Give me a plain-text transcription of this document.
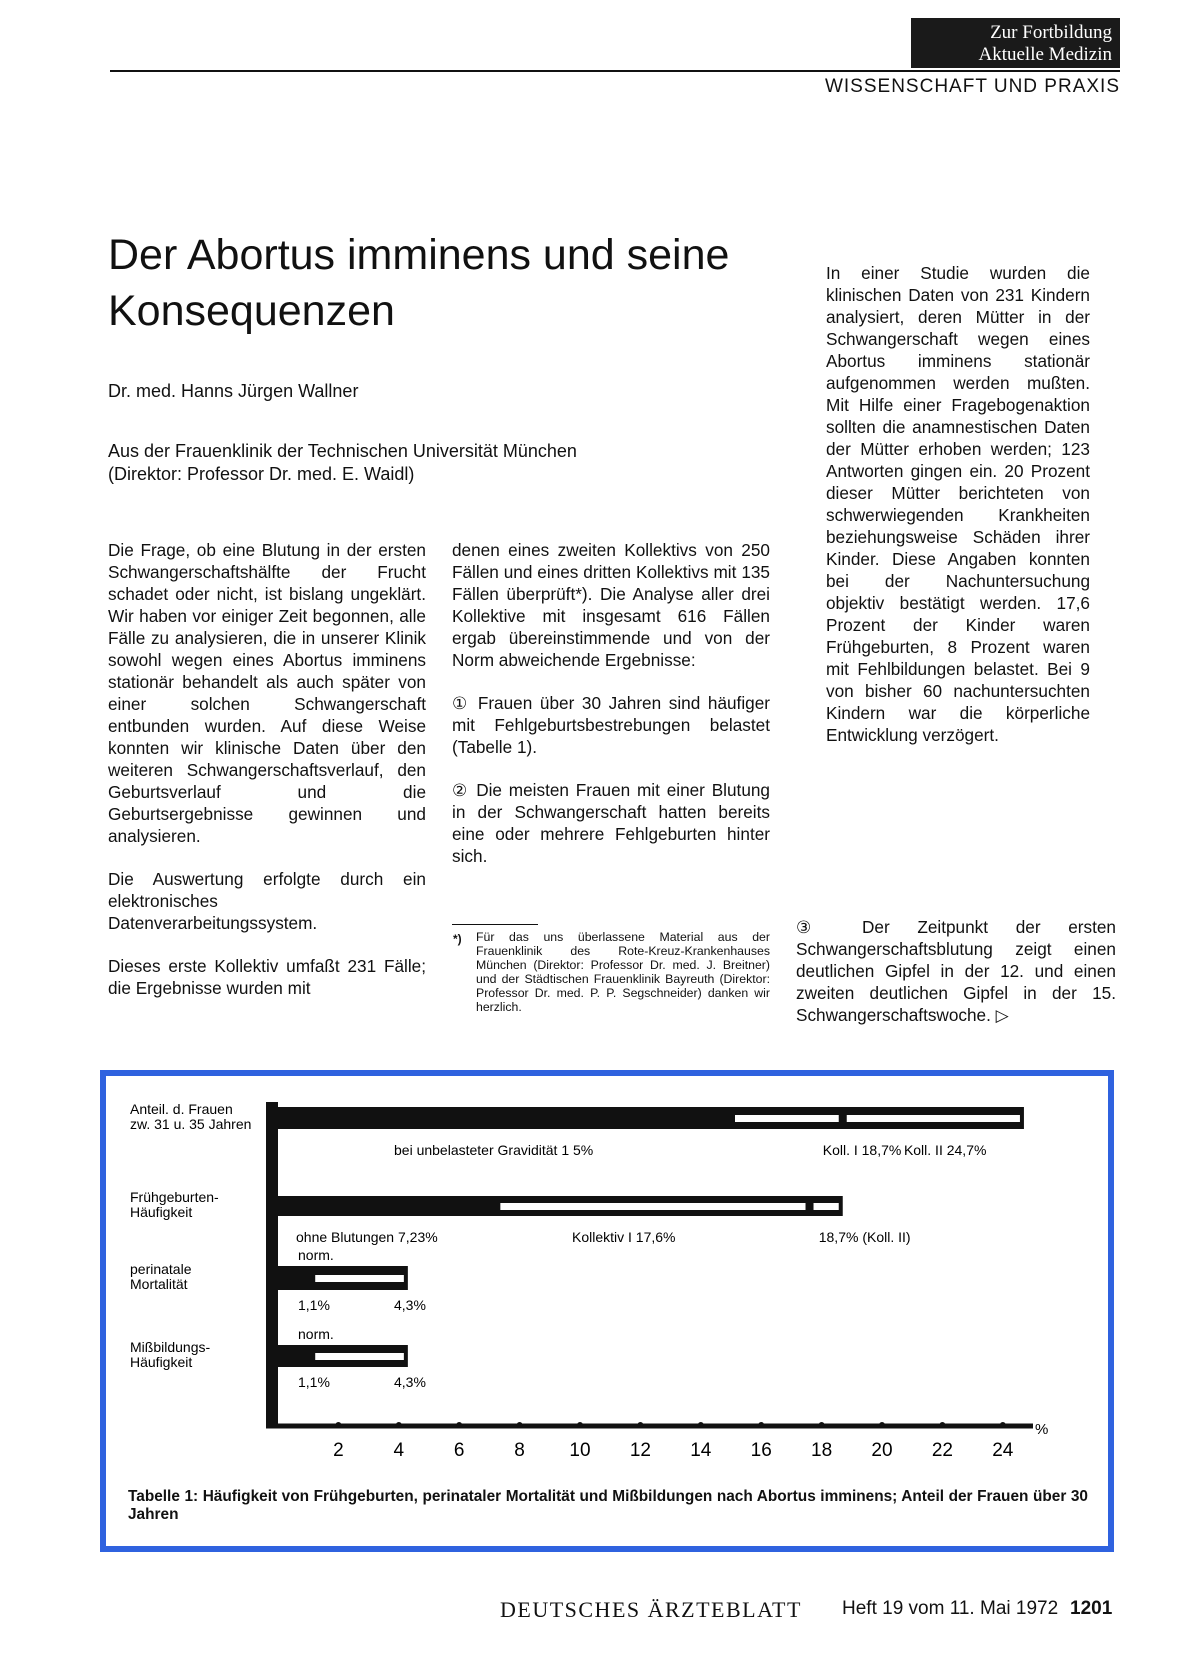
Zur Fortbildung
Aktuelle Medizin
WISSENSCHAFT UND PRAXIS
Der Abortus imminens und seine Konsequenzen
Dr. med. Hanns Jürgen Wallner
Aus der Frauenklinik der Technischen Universität München
(Direktor: Professor Dr. med. E. Waidl)
Die Frage, ob eine Blutung in der ersten Schwangerschaftshälfte der Frucht schadet oder nicht, ist bislang ungeklärt. Wir haben vor einiger Zeit begonnen, alle Fälle zu analysieren, die in unserer Klinik sowohl wegen eines Abortus imminens stationär behandelt als auch später von einer solchen Schwangerschaft entbunden wurden. Auf diese Weise konnten wir klinische Daten über den weiteren Schwangerschaftsverlauf, den Geburtsverlauf und die Geburtsergebnisse gewinnen und analysieren.
Die Auswertung erfolgte durch ein elektronisches Datenverarbeitungssystem.
Dieses erste Kollektiv umfaßt 231 Fälle; die Ergebnisse wurden mit
denen eines zweiten Kollektivs von 250 Fällen und eines dritten Kollektivs mit 135 Fällen überprüft*). Die Analyse aller drei Kollektive mit insgesamt 616 Fällen ergab übereinstimmende und von der Norm abweichende Ergebnisse:
① Frauen über 30 Jahren sind häufiger mit Fehlgeburtsbestrebungen belastet (Tabelle 1).
② Die meisten Frauen mit einer Blutung in der Schwangerschaft hatten bereits eine oder mehrere Fehlgeburten hinter sich.
*) Für das uns überlassene Material aus der Frauenklinik des Rote-Kreuz-Krankenhauses München (Direktor: Professor Dr. med. J. Breitner) und der Städtischen Frauenklinik Bayreuth (Direktor: Professor Dr. med. P. P. Segschneider) danken wir herzlich.
In einer Studie wurden die klinischen Daten von 231 Kindern analysiert, deren Mütter in der Schwangerschaft wegen eines Abortus imminens stationär aufgenommen werden mußten. Mit Hilfe einer Fragebogenaktion sollten die anamnestischen Daten der Mütter erhoben werden; 123 Antworten gingen ein. 20 Prozent dieser Mütter berichteten von schwerwiegenden Krankheiten beziehungsweise Schäden ihrer Kinder. Diese Angaben konnten bei der Nachuntersuchung objektiv bestätigt werden. 17,6 Prozent der Kinder waren Frühgeburten, 8 Prozent waren mit Fehlbildungen belastet. Bei 9 von bisher 60 nachuntersuchten Kindern war die körperliche Entwicklung verzögert.
③ Der Zeitpunkt der ersten Schwangerschaftsblutung zeigt einen deutlichen Gipfel in der 12. und einen zweiten deutlichen Gipfel in der 15. Schwangerschaftswoche. ▷
%
2	4	6	8 10 12 14 16 18 20 22 24
Anteil. d. Frauen
zw. 31 u. 35 Jahren
bei unbelasteter Gravidität 1 5%	Koll. I 18,7% Koll. II 24,7%
Frühgeburten-
Häufigkeit
ohne Blutungen 7,23%	Kollektiv I 17,6%	18,7% (Koll. II)
perinatale
Mortalität
norm.
1,1%	4,3%
Mißbildungs-
Häufigkeit
norm.
1,1%	4,3%
Tabelle 1: Häufigkeit von Frühgeburten, perinataler Mortalität und Mißbildungen nach Abortus imminens; Anteil der Frauen über 30 Jahren
DEUTSCHES ÄRZTEBLATT Heft 19 vom 11. Mai 1972 1201
